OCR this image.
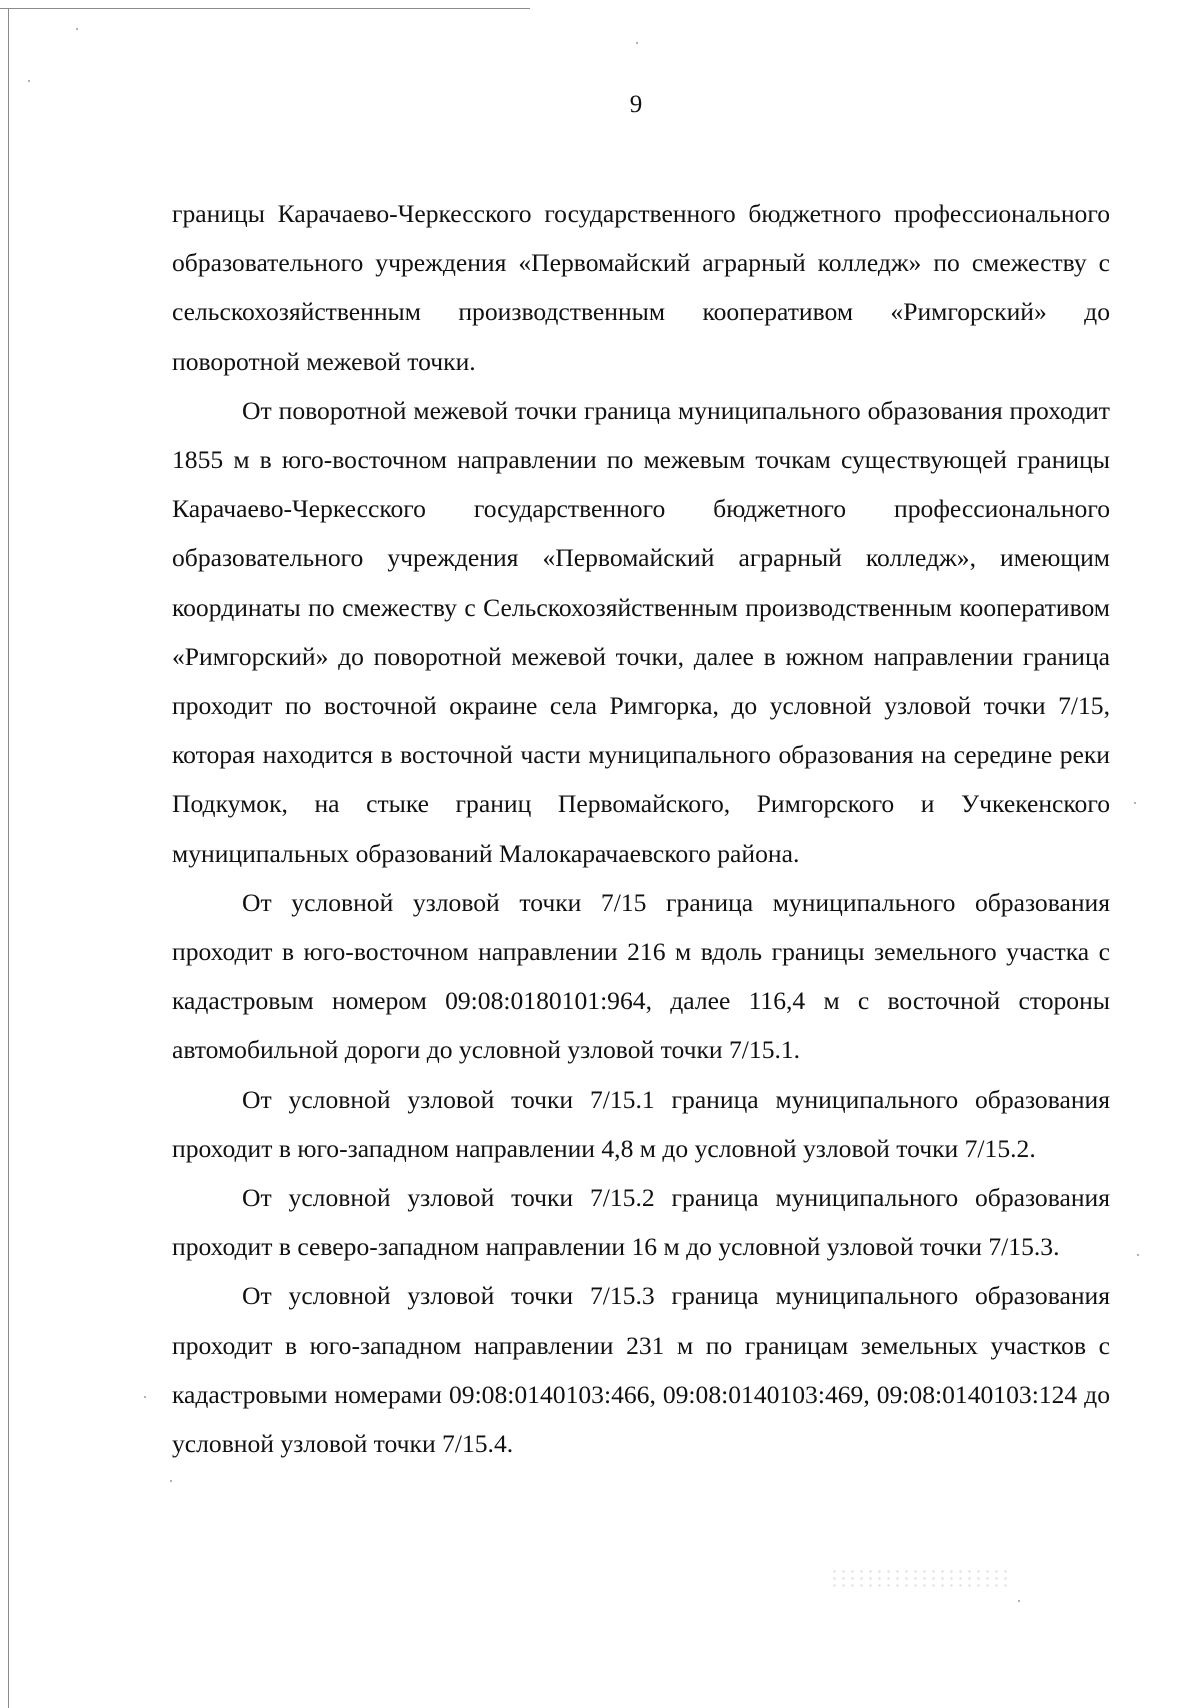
9

границы Карачаево-Черкесского государственного бюджетного профессионального образовательного учреждения «Первомайский аграрный колледж» по смежеству с сельскохозяйственным производственным кооперативом «Римгорский» до поворотной межевой точки.

От поворотной межевой точки граница муниципального образования проходит 1855 м в юго-восточном направлении по межевым точкам существующей границы Карачаево-Черкесского государственного бюджетного профессионального образовательного учреждения «Первомайский аграрный колледж», имеющим координаты по смежеству с Сельскохозяйственным производственным кооперативом «Римгорский» до поворотной межевой точки, далее в южном направлении граница проходит по восточной окраине села Римгорка, до условной узловой точки 7/15, которая находится в восточной части муниципального образования на середине реки Подкумок, на стыке границ Первомайского, Римгорского и Учкекенского муниципальных образований Малокарачаевского района.

От условной узловой точки 7/15 граница муниципального образования проходит в юго-восточном направлении 216 м вдоль границы земельного участка с кадастровым номером 09:08:0180101:964, далее 116,4 м с восточной стороны автомобильной дороги до условной узловой точки 7/15.1.

От условной узловой точки 7/15.1 граница муниципального образования проходит в юго-западном направлении 4,8 м до условной узловой точки 7/15.2.

От условной узловой точки 7/15.2 граница муниципального образования проходит в северо-западном направлении 16 м до условной узловой точки 7/15.3.

От условной узловой точки 7/15.3 граница муниципального образования проходит в юго-западном направлении 231 м по границам земельных участков с кадастровыми номерами 09:08:0140103:466, 09:08:0140103:469, 09:08:0140103:124 до условной узловой точки 7/15.4.
